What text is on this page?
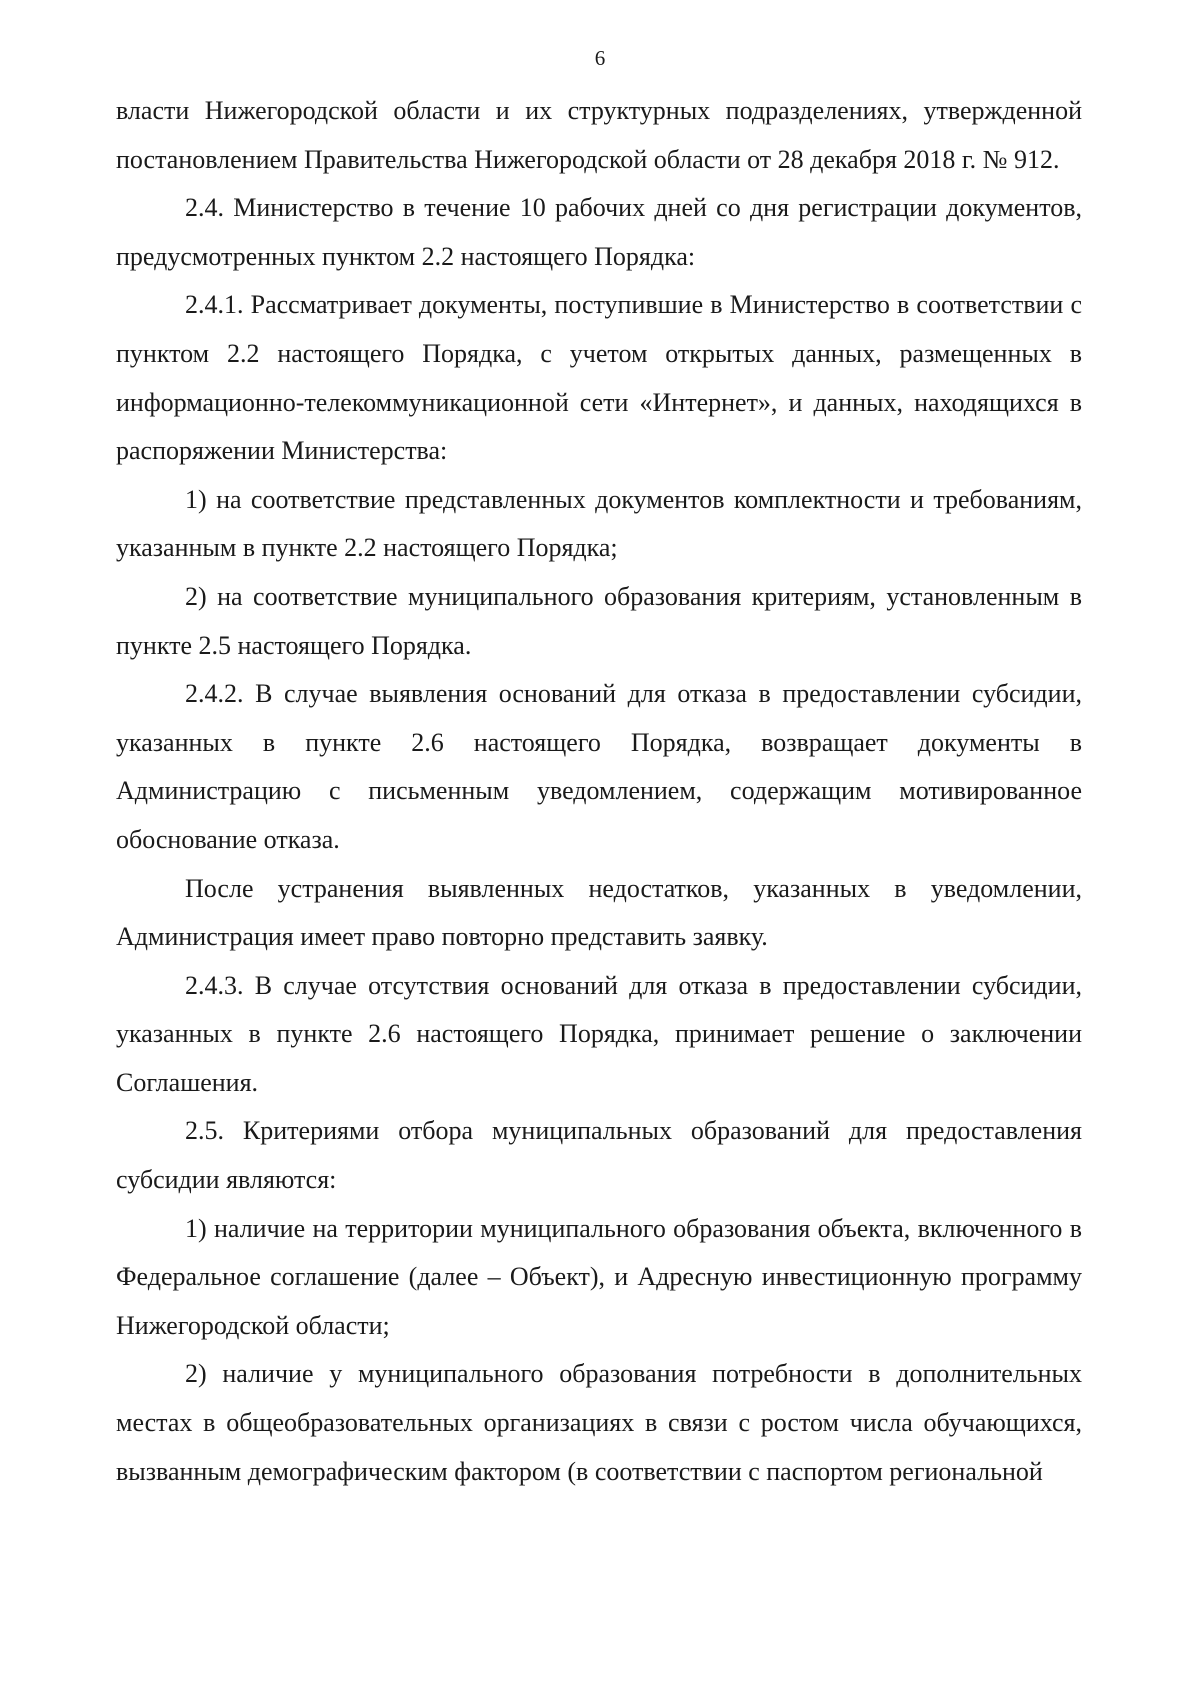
6

власти Нижегородской области и их структурных подразделениях, утвержденной постановлением Правительства Нижегородской области от 28 декабря 2018 г. № 912.

2.4. Министерство в течение 10 рабочих дней со дня регистрации документов, предусмотренных пунктом 2.2 настоящего Порядка:

2.4.1. Рассматривает документы, поступившие в Министерство в соответствии с пунктом 2.2 настоящего Порядка, с учетом открытых данных, размещенных в информационно-телекоммуникационной сети «Интернет», и данных, находящихся в распоряжении Министерства:

1) на соответствие представленных документов комплектности и требованиям, указанным в пункте 2.2 настоящего Порядка;

2) на соответствие муниципального образования критериям, установленным в пункте 2.5 настоящего Порядка.

2.4.2. В случае выявления оснований для отказа в предоставлении субсидии, указанных в пункте 2.6 настоящего Порядка, возвращает документы в Администрацию с письменным уведомлением, содержащим мотивированное обоснование отказа.

После устранения выявленных недостатков, указанных в уведомлении, Администрация имеет право повторно представить заявку.

2.4.3. В случае отсутствия оснований для отказа в предоставлении субсидии, указанных в пункте 2.6 настоящего Порядка, принимает решение о заключении Соглашения.

2.5. Критериями отбора муниципальных образований для предоставления субсидии являются:

1) наличие на территории муниципального образования объекта, включенного в Федеральное соглашение (далее – Объект), и Адресную инвестиционную программу Нижегородской области;

2) наличие у муниципального образования потребности в дополнительных местах в общеобразовательных организациях в связи с ростом числа обучающихся, вызванным демографическим фактором (в соответствии с паспортом региональной
